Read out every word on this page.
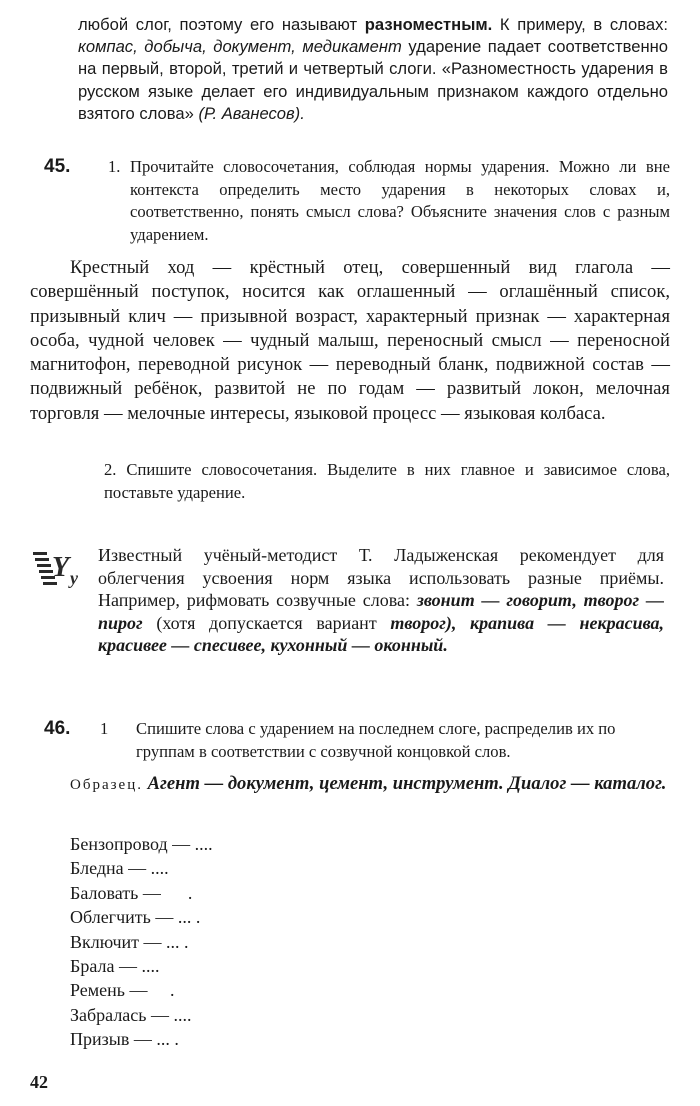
любой слог, поэтому его называют разноместным. К примеру, в словах: компас, добыча, документ, медикамент ударение падает соответственно на первый, второй, третий и четвертый слоги. «Разноместность ударения в русском языке делает его индивидуальным признаком каждого отдельно взятого слова» (Р. Аванесов).

45. 1. Прочитайте словосочетания, соблюдая нормы ударения. Можно ли вне контекста определить место ударения в некоторых словах и, соответственно, понять смысл слова? Объясните значения слов с разным ударением.

Крестный ход — крёстный отец, совершенный вид глагола — совершённый поступок, носится как оглашенный — оглашённый список, призывный клич — призывной возраст, характерный признак — характерная особа, чудной человек — чудный малыш, переносный смысл — переносной магнитофон, переводной рисунок — переводный бланк, подвижной состав — подвижный ребёнок, развитой не по годам — развитый локон, мелочная торговля — мелочные интересы, языковой процесс — языковая колбаса.

2. Спишите словосочетания. Выделите в них главное и зависимое слова, поставьте ударение.

Y y

Известный учёный-методист Т. Ладыженская рекомендует для облегчения усвоения норм языка использовать разные приёмы. Например, рифмовать созвучные слова: звонит — говорит, творог — пирог (хотя допускается вариант творог), крапива — некрасива, красивее — спесивее, кухонный — оконный.

46. 1	Спишите слова с ударением на последнем слоге, распределив их по группам в соответствии с созвучной концовкой слов.

Образец. Агент — документ, цемент, инструмент. Диалог — каталог.

Бензопровод — ....
Бледна — ....
Баловать —      .
Облегчить — ... .
Включит — ... .
Брала — ....
Ремень —     .
Забралась — ....
Призыв — ... .
42
